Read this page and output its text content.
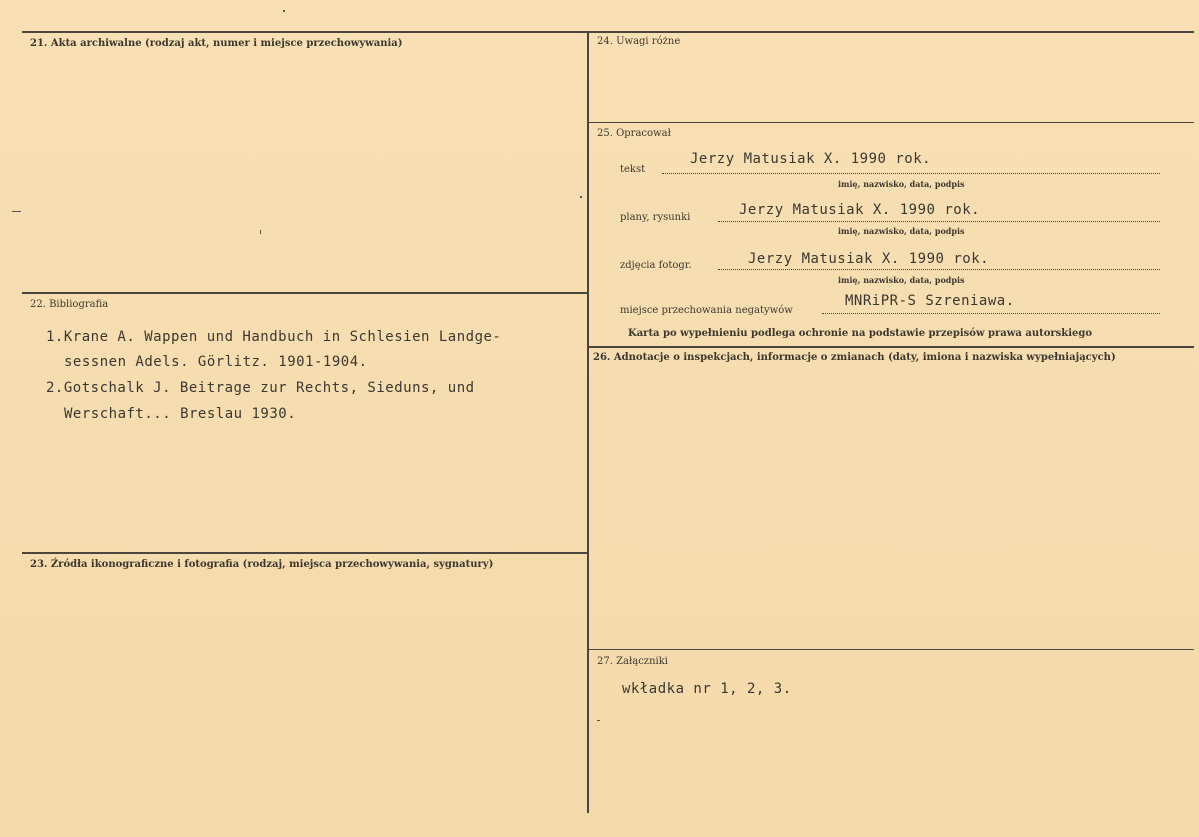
21. Akta archiwalne (rodzaj akt, numer i miejsce przechowywania)
22. Bibliografia
1.Krane A. Wappen und Handbuch in Schlesien Landge-
sessnen Adels. Görlitz. 1901-1904.
2.Gotschalk J. Beitrage zur Rechts, Sieduns, und
Werschaft... Breslau 1930.
23. Źródła ikonograficzne i fotografia (rodzaj, miejsca przechowywania, sygnatury)
24. Uwagi różne
25. Opracował
tekst
Jerzy Matusiak X. 1990 rok.
imię, nazwisko, data, podpis
plany, rysunki	Jerzy Matusiak X. 1990 rok.
imię, nazwisko, data, podpis
zdjęcia fotogr.	Jerzy Matusiak X. 1990 rok.
imię, nazwisko, data, podpis
miejsce przechowania negatywów
MNRiPR-S Szreniawa.
Karta po wypełnieniu podlega ochronie na podstawie przepisów prawa autorskiego
26. Adnotacje o inspekcjach, informacje o zmianach (daty, imiona i nazwiska wypełniających)
27. Załączniki
wkładka nr 1, 2, 3.
